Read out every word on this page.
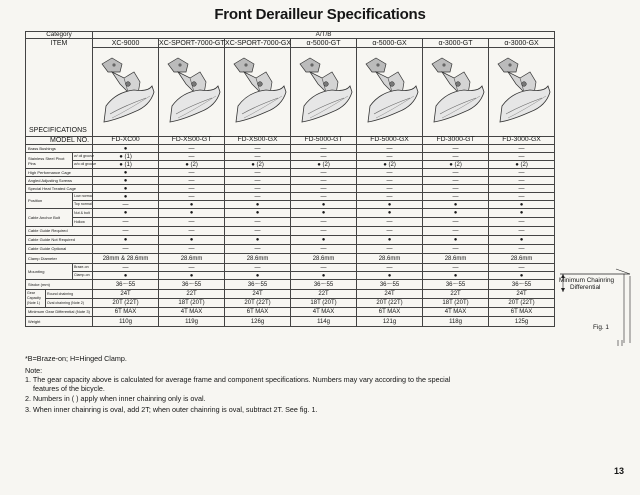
Front Derailleur Specifications
Category			A/T/B						

ITEM
SPECIFICATIONS			XC-9000	XC-SPORT-7000-GT	XC-SPORT-7000-GX	α-5000-GT	α-5000-GX	α-3000-GT	α-3000-GX

MODEL NO.			FD-XC00	FD-XS00-GT	FD-XS00-GX	FD-5000-GT	FD-5000-GX	FD-3000-GT	FD-3000-GX
Brass Bushings			●	—	—	—	—	—	—
Stainless Steel Pivot Pins		w/ oil groove	● (1)	—	—	—	—	—	—
		w/o oil groove	● (1)	● (2)	● (2)	● (2)	● (2)	● (2)	● (2)
High Performance Cage			●	—	—	—	—	—	—
Angled Adjusting Screws			●	—	—	—	—	—	—
Special Heat Treated Cage			●	—	—	—	—	—	—
Position		Low normal	●	—	—	—	—	—	—
		Top normal	—	●	●	●	●	●	●
Cable Anchor Bolt		Nut & bolt	●	●	●	●	●	●	●
		Hollow	—	—	—	—	—	—	—
Cable Guide Required			—	—	—	—	—	—	—
Cable Guide Not Required			●	●	●	●	●	●	●
Cable Guide Optional			—	—	—	—	—	—	—
Clamp Diameter			28mm & 28.6mm	28.6mm	28.6mm	28.6mm	28.6mm	28.6mm	28.6mm
Mounting		Braze-on	—	—	—	—	—	—	—
		Clamp-on	●	●	●	●	●	●	●
Stroke (mm)			36～55	36～55	36～55	36～55	36～55	36～55	36～55
Gear Capacity (Note 1)	Round chainring		24T	22T	24T	22T	24T	22T	24T
	Oval chainring (Note 2)		20T (22T)	18T (20T)	20T (22T)	18T (20T)	20T (22T)	18T (20T)	20T (22T)
Minimum Gear Differential (Note 3)			6T MAX	4T MAX	6T MAX	4T MAX	6T MAX	4T MAX	6T MAX
Weight			110g	119g	126g	114g	121g	118g	125g
*B=Braze-on; H=Hinged Clamp.
Note:
1. The gear capacity above is calculated for average frame and component specifications. Numbers may vary according to the special
features of the bicycle.
2. Numbers in ( ) apply when inner chainring only is oval.
3. When inner chainring is oval, add 2T; when outer chainring is oval, subtract 2T. See fig. 1.
Minimum Chainring
Differential
Fig. 1
13
